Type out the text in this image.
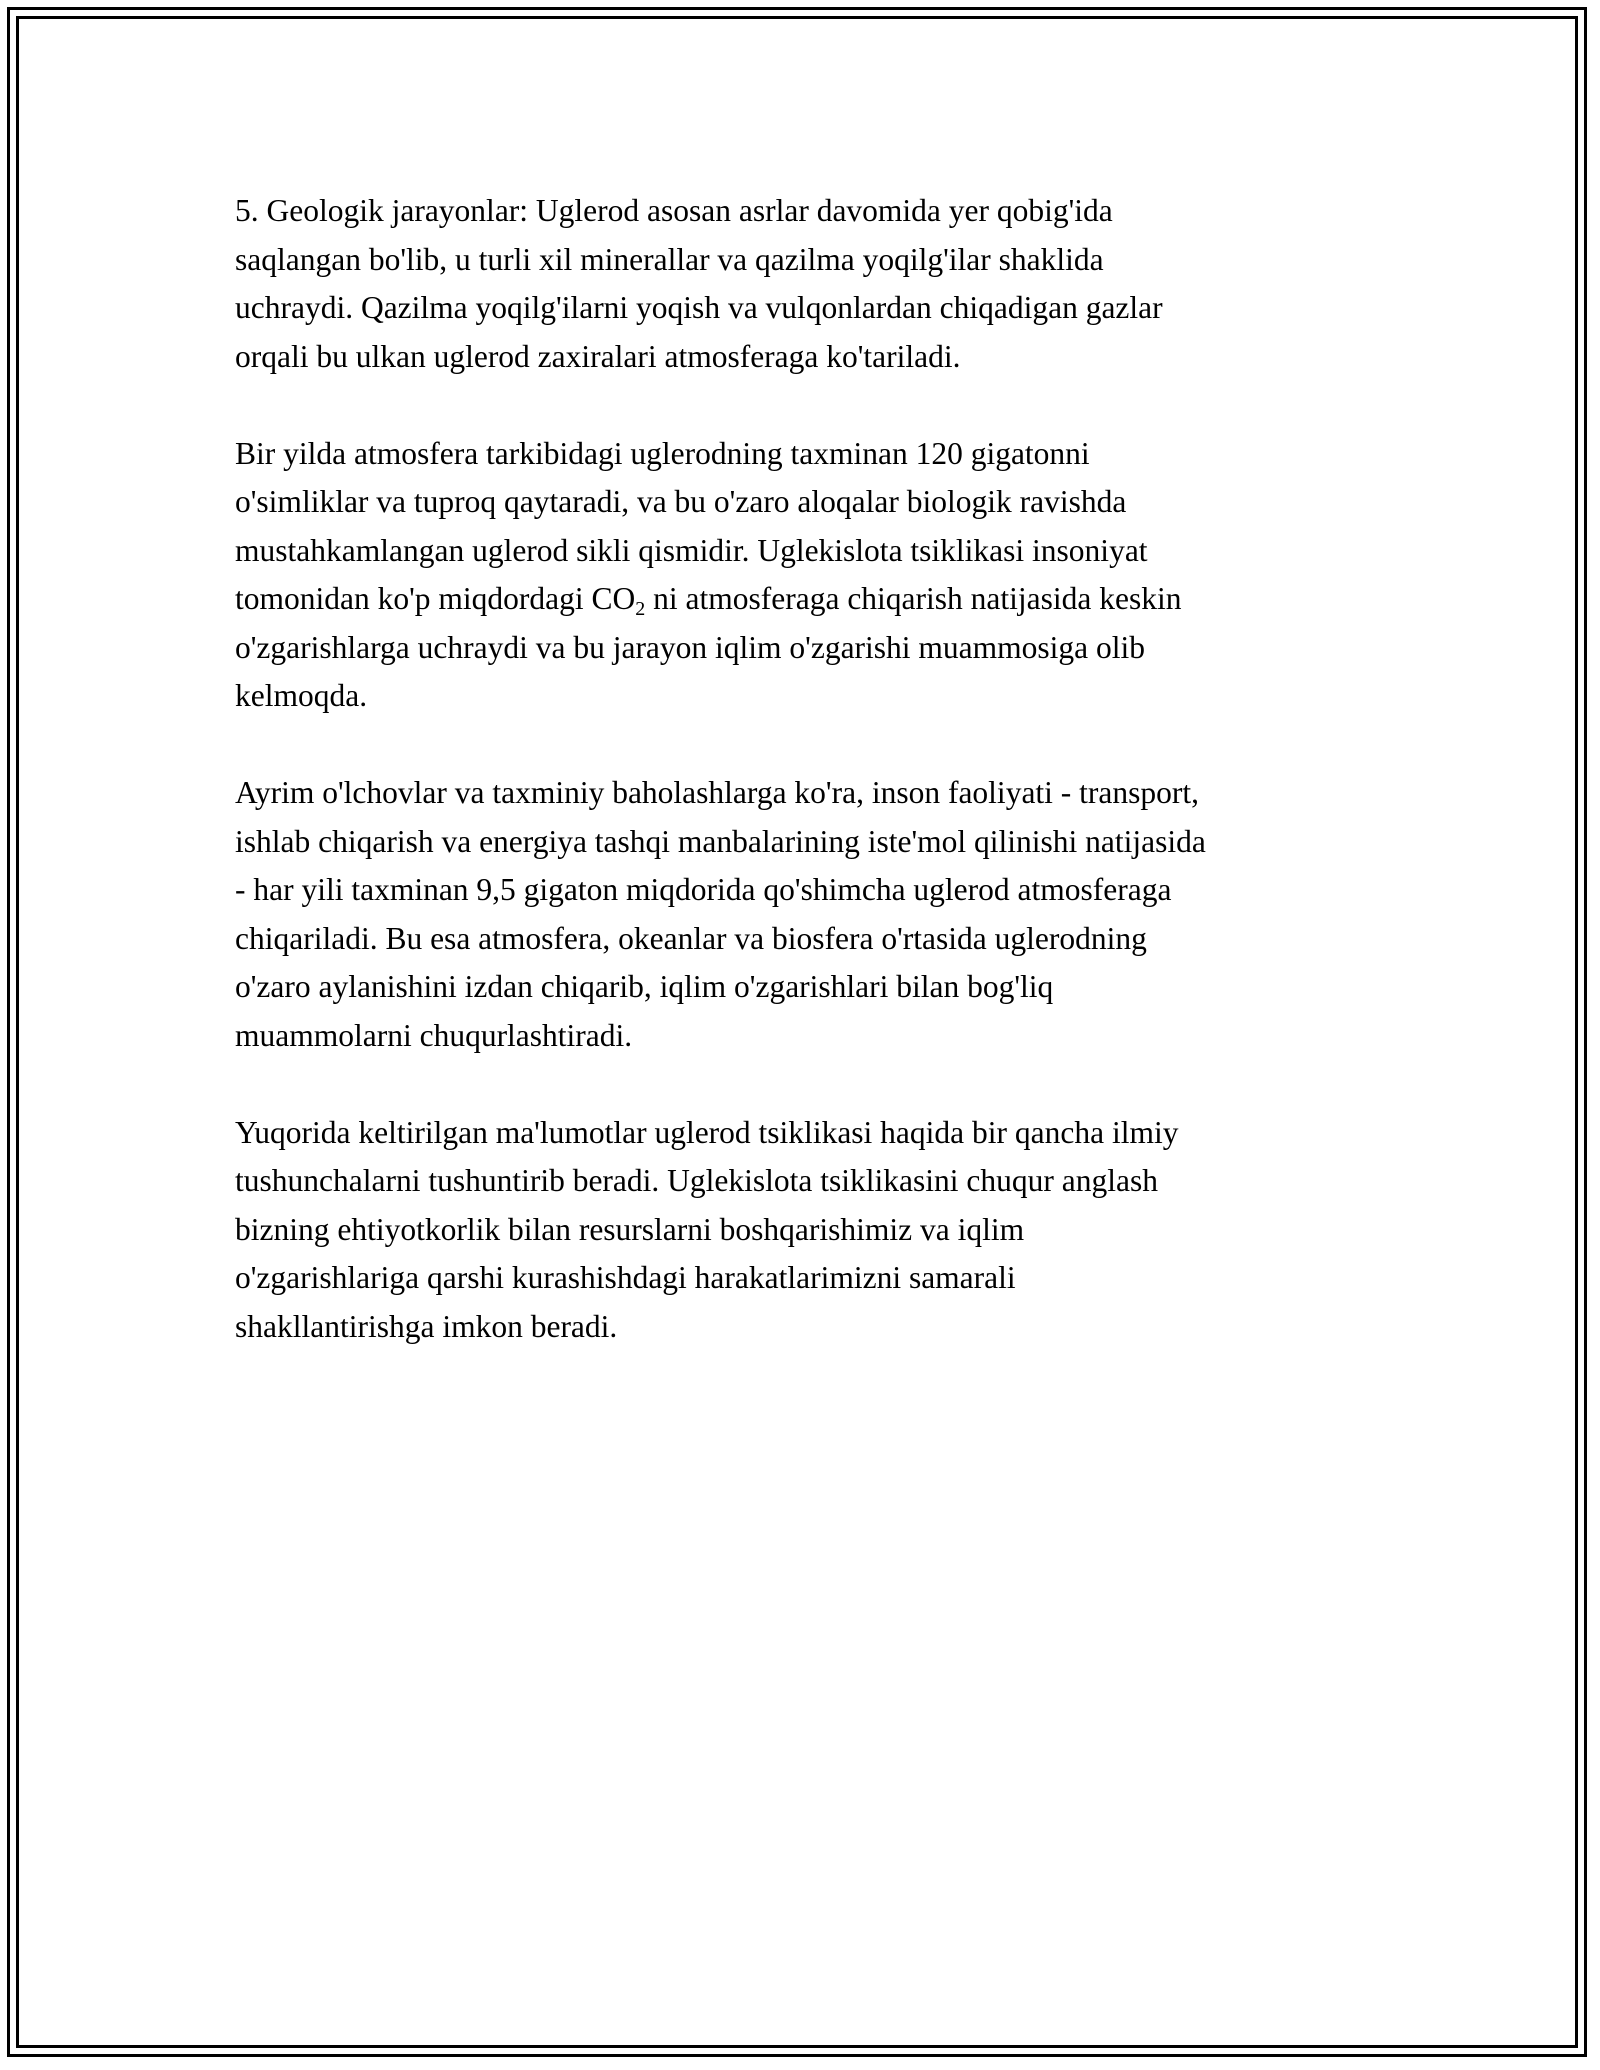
5. Geologik jarayonlar: Uglerod asosan asrlar davomida yer qobig'ida
saqlangan bo'lib, u turli xil minerallar va qazilma yoqilg'ilar shaklida
uchraydi. Qazilma yoqilg'ilarni yoqish va vulqonlardan chiqadigan gazlar
orqali bu ulkan uglerod zaxiralari atmosferaga ko'tariladi.

Bir yilda atmosfera tarkibidagi uglerodning taxminan 120 gigatonni
o'simliklar va tuproq qaytaradi, va bu o'zaro aloqalar biologik ravishda
mustahkamlangan uglerod sikli qismidir. Uglekislota tsiklikasi insoniyat
tomonidan ko'p miqdordagi $CO_2$ ni atmosferaga chiqarish natijasida keskin
o'zgarishlarga uchraydi va bu jarayon iqlim o'zgarishi muammosiga olib
kelmoqda.

Ayrim o'lchovlar va taxminiy baholashlarga ko'ra, inson faoliyati - transport,
ishlab chiqarish va energiya tashqi manbalarining iste'mol qilinishi natijasida
- har yili taxminan 9,5 gigaton miqdorida qo'shimcha uglerod atmosferaga
chiqariladi. Bu esa atmosfera, okeanlar va biosfera o'rtasida uglerodning
o'zaro aylanishini izdan chiqarib, iqlim o'zgarishlari bilan bog'liq
muammolarni chuqurlashtiradi.

Yuqorida keltirilgan ma'lumotlar uglerod tsiklikasi haqida bir qancha ilmiy
tushunchalarni tushuntirib beradi. Uglekislota tsiklikasini chuqur anglash
bizning ehtiyotkorlik bilan resurslarni boshqarishimiz va iqlim
o'zgarishlariga qarshi kurashishdagi harakatlarimizni samarali
shakllantirishga imkon beradi.
